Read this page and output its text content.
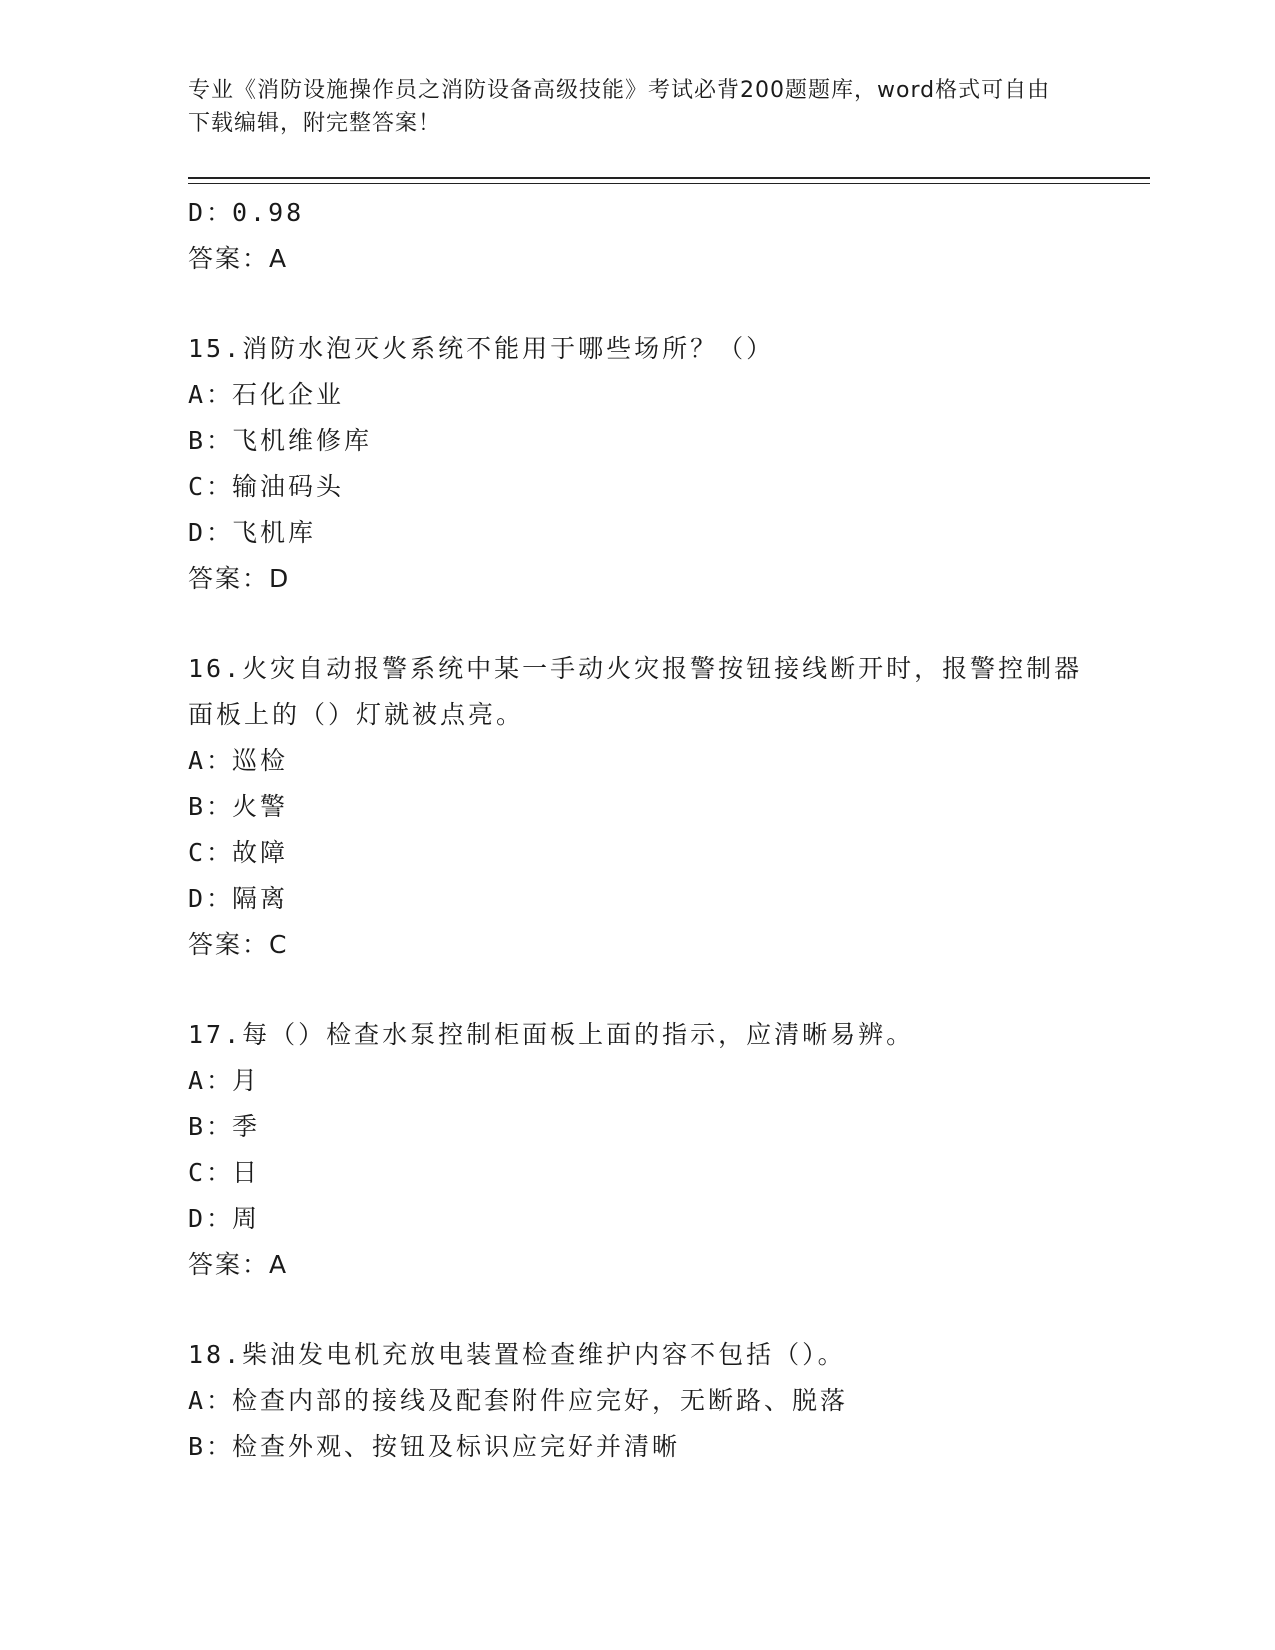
专业《消防设施操作员之消防设备高级技能》考试必背200题题库，word格式可自由下载编辑，附完整答案！
D：0.98
答案：A
15.消防水泡灭火系统不能用于哪些场所？（）
A：石化企业
B：飞机维修库
C：输油码头
D：飞机库
答案：D
16.火灾自动报警系统中某一手动火灾报警按钮接线断开时，报警控制器面板上的（）灯就被点亮。
A：巡检
B：火警
C：故障
D：隔离
答案：C
17.每（）检查水泵控制柜面板上面的指示，应清晰易辨。
A：月
B：季
C：日
D：周
答案：A
18.柴油发电机充放电装置检查维护内容不包括（）。
A：检查内部的接线及配套附件应完好，无断路、脱落
B：检查外观、按钮及标识应完好并清晰
